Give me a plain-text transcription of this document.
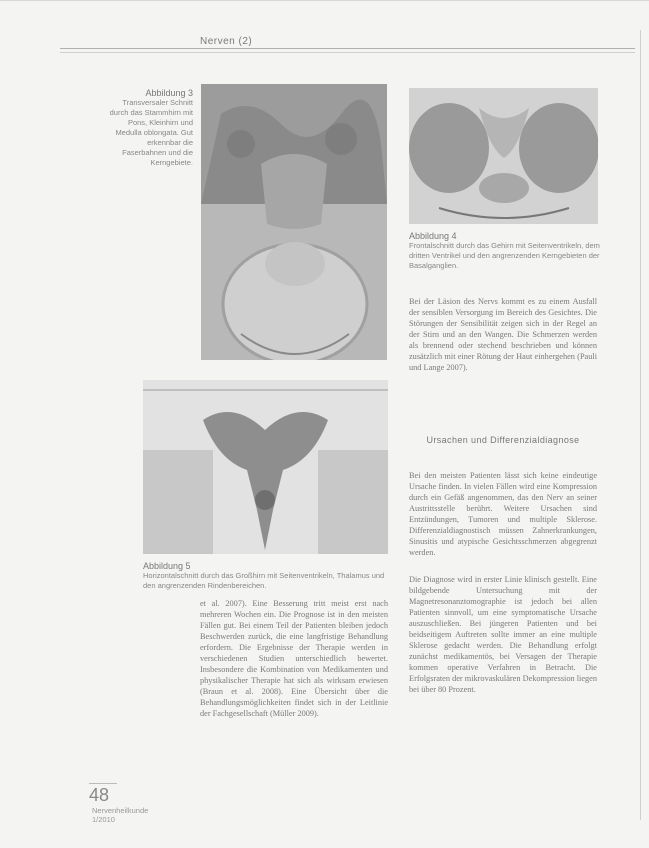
Nerven (2)
Abbildung 3
Transversaler Schnitt durch das Stammhirn mit Pons, Kleinhirn und Medulla oblongata. Gut erkennbar die Faserbahnen und die Kerngebiete.
Abbildung 4
Frontalschnitt durch das Gehirn mit Seitenventrikeln, dem dritten Ventrikel und den angrenzenden Kerngebieten der Basalganglien.
Abbildung 5
Horizontalschnitt durch das Großhirn mit Seitenventrikeln, Thalamus und den angrenzenden Rindenbereichen.
Bei der Läsion des Nervs kommt es zu einem Ausfall der sensiblen Versorgung im Bereich des Gesichtes. Die Störungen der Sensibilität zeigen sich in der Regel an der Stirn und an den Wangen. Die Schmerzen werden als brennend oder stechend beschrieben und können zusätzlich mit einer Rötung der Haut einhergehen (Pauli und Lange 2007).
Ursachen und Differenzialdiagnose
Bei den meisten Patienten lässt sich keine eindeutige Ursache finden. In vielen Fällen wird eine Kompression durch ein Gefäß angenommen, das den Nerv an seiner Austrittsstelle berührt. Weitere Ursachen sind Entzündungen, Tumoren und multiple Sklerose. Differenzialdiagnostisch müssen Zahnerkrankungen, Sinusitis und atypische Gesichtsschmerzen abgegrenzt werden.
Die Diagnose wird in erster Linie klinisch gestellt. Eine bildgebende Untersuchung mit der Magnetresonanztomographie ist jedoch bei allen Patienten sinnvoll, um eine symptomatische Ursache auszuschließen. Bei jüngeren Patienten und bei beidseitigem Auftreten sollte immer an eine multiple Sklerose gedacht werden. Die Behandlung erfolgt zunächst medikamentös, bei Versagen der Therapie kommen operative Verfahren in Betracht. Die Erfolgsraten der mikrovaskulären Dekompression liegen bei über 80 Prozent.
et al. 2007). Eine Besserung tritt meist erst nach mehreren Wochen ein. Die Prognose ist in den meisten Fällen gut. Bei einem Teil der Patienten bleiben jedoch Beschwerden zurück, die eine langfristige Behandlung erfordern. Die Ergebnisse der Therapie werden in verschiedenen Studien unterschiedlich bewertet. Insbesondere die Kombination von Medikamenten und physikalischer Therapie hat sich als wirksam erwiesen (Braun et al. 2008). Eine Übersicht über die Behandlungsmöglichkeiten findet sich in der Leitlinie der Fachgesellschaft (Müller 2009).
48
Nervenheilkunde
1/2010
